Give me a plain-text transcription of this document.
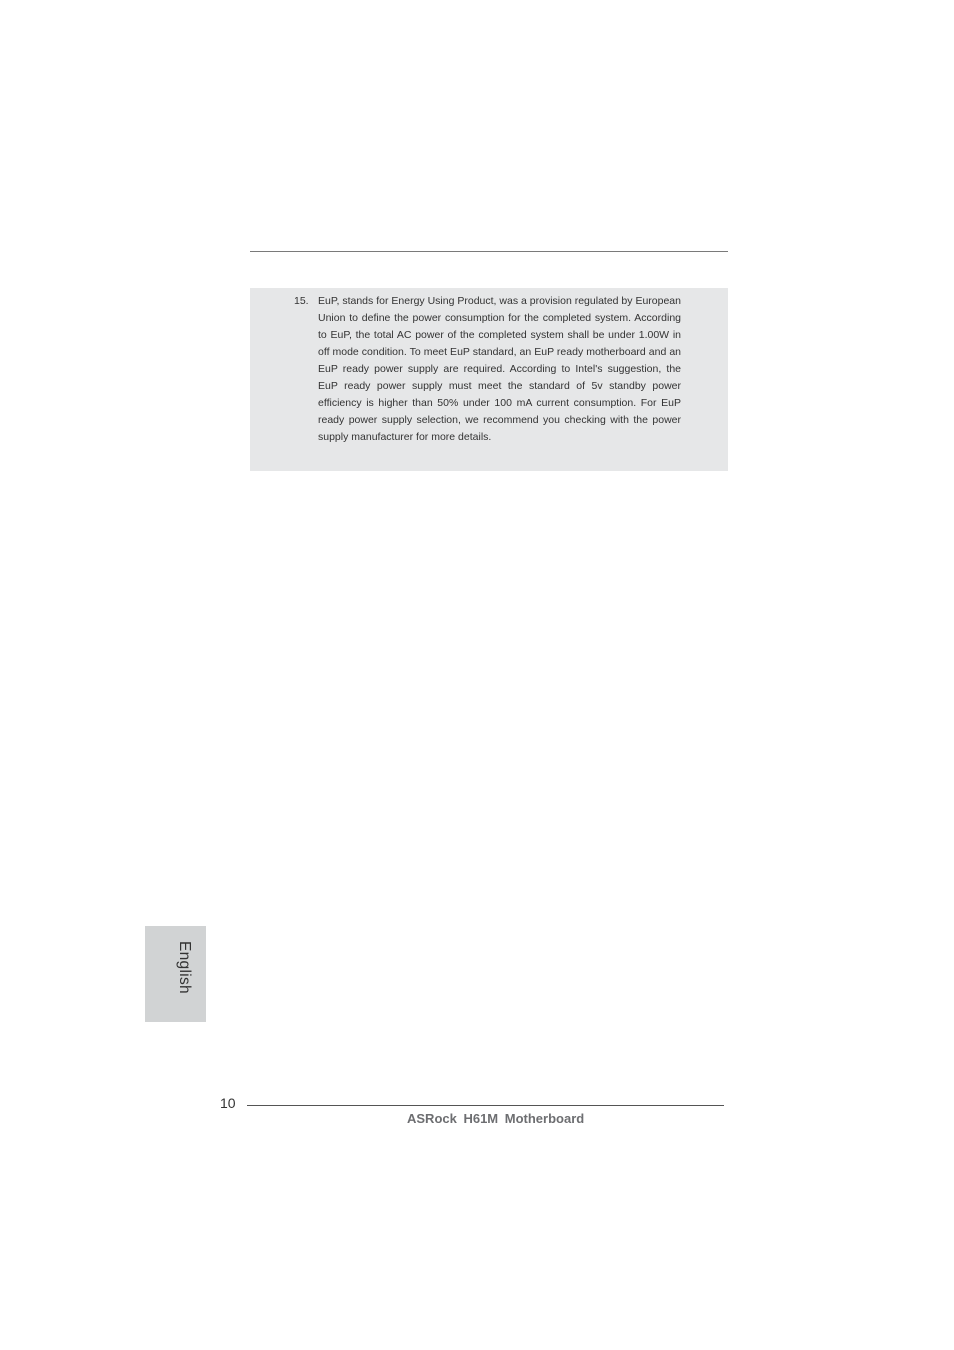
15. EuP, stands for Energy Using Product, was a provision regulated by European Union to define the power consumption for the completed system. According to EuP, the total AC power of the completed system shall be under 1.00W in off mode condition. To meet EuP standard, an EuP ready motherboard and an EuP ready power supply are required. According to Intel's suggestion, the EuP ready power supply must meet the standard of 5v standby power efficiency is higher than 50% under 100 mA current consumption. For EuP ready power supply selection, we recommend you checking with the power supply manufacturer for more details.
English
10
ASRock H61M Motherboard
